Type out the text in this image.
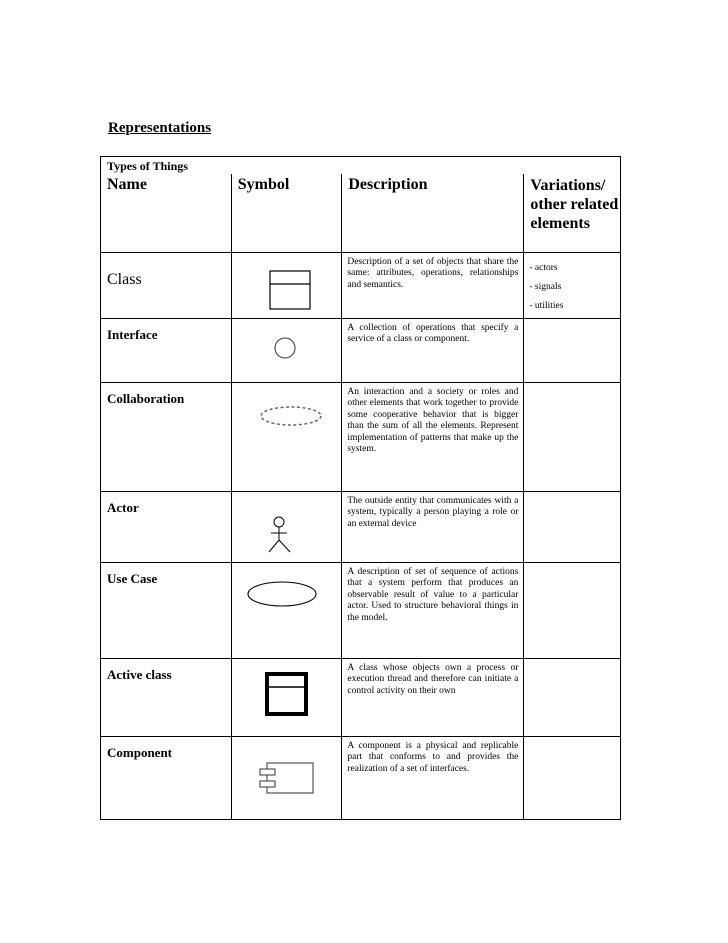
Representations
Types of Things			

Name	Symbol	Description	Variations/ other related elements

Class		Description of a set of objects that share the same: attributes, operations, relationships and semantics.	- actors
- signals
- utilities

Interface		A collection of operations that specify a service of a class or component.	
Collaboration		An interaction and a society or roles and other elements that work together to provide some cooperative behavior that is bigger than the sum of all the elements. Represent implementation of patterns that make up the system.	
Actor		The outside entity that communicates with a system, typically a person playing a role or an external device	
Use Case		A description of set of sequence of actions that a system perform that produces an observable result of value to a particular actor. Used to structure behavioral things in the model.	
Active class		A class whose objects own a process or execution thread and therefore can initiate a control activity on their own	
Component		A component is a physical and replicable part that conforms to and provides the realization of a set of interfaces.	
